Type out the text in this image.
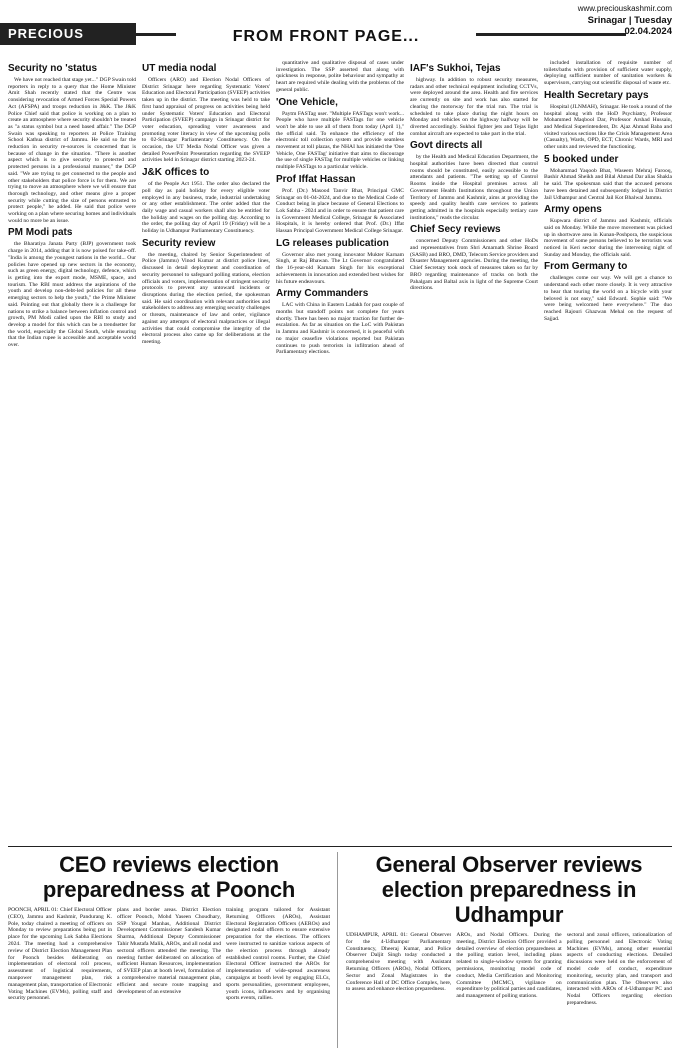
PRECIOUS KASHMIR
FROM FRONT PAGE...
www.preciouskashmir.com
Srinagar | Tuesday
02.04.2024
Security no 'status

We have not reached that stage yet..." DGP Swain told reporters in reply to a query that the Home Minister Amit Shah recently stated that the Centre was considering revocation of Armed Forces Special Powers Act (AFSPA) and troops reduction in J&K. The J&K Police Chief said that police is working on a plan to create an atmosphere where security shouldn't be treated as "a status symbol but a need based affair." The DGP Swain was speaking to reporters at Police Training School Kathua district of Jammu. He said so far the reduction in security re-sources is concerned that is because of change in the situation. "There is another aspect which is to give security to protected and protected persons in a professional manner," the DGP said. "We are trying to get connected to the people and other stakeholders that police force is for them. We are trying to move an atmosphere where we will ensure that thorough technology, and other means give a proper security while cutting the size of persons entrusted to protect people," he added. He said that police were working on a plan where securing homes and individuals would no more be an issue.

PM Modi pats

the Bharatiya Janata Party (BJP) government took charge in 2014, adding that it is now poised for take-off. "India is among the youngest nations in the world... Our policies have opened up new sectors in the economy, such as green energy, digital technology, defence, which is getting into the export mode, MSME, space, and tourism. The RBI must address the aspirations of the youth and develop non-debt-led policies for all these emerging sectors to help the youth," the Prime Minister said. Pointing out that globally there is a challenge for nations to strike a balance between inflation control and growth, PM Modi called upon the RBI to study and develop a model for this which can be a trendsetter for the world, especially the Global South, while ensuring that the Indian rupee is accessible and acceptable world over.

UT media nodal

Officers (ARO) and Election Nodal Officers of District Srinagar here regarding Systematic Voters' Education and Electoral Participation (SVEEP) activities taken up in the district. The meeting was held to take first hand appraisal of progress on activities being held under Systematic Voters' Education and Electoral Participation (SVEEP) campaign in Srinagar district for voter education, spreading voter awareness and promoting voter literacy in view of the upcoming polls to 02-Srinagar Parliamentary Constituency. On the occasion, the UT Media Nodal Officer was given a detailed PowerPoint Presentation regarding the SVEEP activities held in Srinagar district starting 2023-24.

J&K offices to

of the People Act 1951. The order also declared the poll day as paid holiday for every eligible voter employed in any business, trade, industrial undertaking or any other establishment. The order added that the daily wage and casual workers shall also be entitled for the holiday and wages on the polling day. According to the order, the polling day of April 19 (Friday) will be a holiday in Udhampur Parliamentary Constituency.

Security review

the meeting, chaired by Senior Superintendent of Police (Jammu) Vinod Kumar at district police lines, discussed in detail deployment and coordination of security personnel to safeguard polling stations, election officials and voters, implementation of stringent security protocols to prevent any untoward incidents or disruptions during the election period, the spokesman said. He said coordination with relevant authorities and stakeholders to address any emerging security challenges or threats, maintenance of law and order, vigilance against any attempts of electoral malpractices or illegal activities that could compromise the integrity of the electoral process also came up for deliberations at the meeting.

quantitative and qualitative disposal of cases under investigation. The SSP asserted that along with quickness in response, polite behaviour and sympathy at heart are required while dealing with the problems of the general public.

'One Vehicle,

Paytm FASTag user. "Multiple FASTags won't work... People who have multiple FASTags for one vehicle won't be able to use all of them from today (April 1)," the official said. To enhance the efficiency of the electronic toll collection system and provide seamless movement at toll plazas, the NHAI has initiated the 'One Vehicle, One FASTag' initiative that aims to discourage the use of single FASTag for multiple vehicles or linking multiple FASTags to a particular vehicle.

Prof Iffat Hassan

Prof. (Dr.) Masood Tanvir Bhat, Principal GMC Srinagar on 01-04-2024, and due to the Medical Code of Conduct being in place because of General Elections to Lok Sabha - 2024 and in order to ensure that patient care in Government Medical College, Srinagar & Associated Hospitals, it is hereby ordered that Prof. (Dr.) Iffat Hassan Principal Government Medical College Srinagar.

LG releases publication

Governor also met young innovator Mukter Karnam Singh, at Raj Bhawan. The Lt Governor congratulated the 16-year-old Karnam Singh for his exceptional achievements in innovation and extended best wishes for his future endeavours.

Army Commanders

LAC with China in Eastern Ladakh for past couple of months but standoff points not complete for years shortly. There has been no major traction for further de-escalation. As far as situation on the LoC with Pakistan in Jammu and Kashmir is concerned, it is peaceful with no major ceasefire violations reported but Pakistan continues to push terrorists in infiltration ahead of Parliamentary elections.

IAF's Sukhoi, Tejas

highway. In addition to robust security measures, radars and other technical equipment including CCTVs, were deployed around the area. Health and fire services are currently on site and work has also started for clearing the motorway for the trial run. The trial is scheduled to take place during the night hours on Monday and vehicles on the highway halfway will be diverted accordingly. Sukhoi fighter jets and Tejas light combat aircraft are expected to take part in the trial.

Govt directs all

by the Health and Medical Education Department, the hospital authorities have been directed that control rooms should be constituted, easily accessible to the attendants and patients. "The setting up of Control Rooms inside the Hospital premises across all Government Health Institutions throughout the Union Territory of Jammu and Kashmir, aims at providing the speedy and quality health care services to patients getting admitted in the hospitals especially tertiary care institutions," reads the circular.

Chief Secy reviews

concerned Deputy Commissioners and other HoDs and representatives from Shri Amarnath Shrine Board (SASB) and BRO, DMD, Telecom Service providers and Disaster Management agencies. During the meeting, the Chief Secretary took stock of measures taken so far by BRO regarding maintenance of tracks on both the Pahalgam and Baltal axis in light of the Supreme Court directions.

included installation of requisite number of toilets/baths with provision of sufficient water supply, deploying sufficient number of sanitation workers & supervisors, carrying out scientific disposal of waste etc.

Health Secretary pays

Hospital (JLNMAH), Srinagar. He took a round of the hospital along with the HoD Psychiatry, Professor Mohammed Maqbool Dar, Professor Arshad Hussain, and Medical Superintendent, Dr. Ajaz Ahmad Baba and visited various sections like the Crisis Management Area (Casualty), Wards, OPD, ECT, Chronic Wards, MRI and other units and reviewed the functioning.

5 booked under

Mohammad Yaqoob Bhat, Waseem Mehraj Farooq, Bashir Ahmad Sheikh and Bilal Ahmad Dar alias Shakla he said. The spokesman said that the accused persons have been detained and subsequently lodged in District Jail Udhampur and Central Jail Kot Bhalwal Jammu.

Army opens

Kupwara district of Jammu and Kashmir, officials said on Monday. While the move movement was picked up in shortwave area in Kunan-Poshpora, the suspicious movement of some persons believed to be terrorists was noticed in Keri sector during the intervening night of Sunday and Monday, the officials said.

From Germany to

challenges come our way. We will get a chance to understand each other more closely. It is very attractive to hear that touring the world on a bicycle with your beloved is not easy," said Edward. Sophie said: "We were being welcomed here everywhere." The duo reached Rajouri Ghazwan Mehal on the request of Sajjad.

CEO reviews election preparedness at Poonch
POONCH, APRIL 01: Chief Electoral Officer (CEO), Jammu and Kashmir, Pandurang K. Pole, today chaired a meeting of officers on Monday to review preparations being put in place for the upcoming Lok Sabha Elections 2024. The meeting had a comprehensive review of District Election Management Plan for Poonch besides deliberating on implementation of electoral roll process, assessment of logistical requirements, manpower management plan, risk management plan, transportation of Electronic Voting Machines (EVMs), polling staff and security personnel.
plans and border areas. District Election officer Poonch, Mohd Yaseen Choudhary, SSP Yougal Manhas, Additional District Development Commissioner Sandesh Kumar Sharma, Additional Deputy Commissioner Tahir Mustafa Malik, AROs, and all nodal and sectoral officers attended the meeting. The meeting further deliberated on allocation of sufficient Human Resources, implementation of SVEEP plan at booth level, formulation of a comprehensive material management plan, efficient and secure route mapping and development of an extensive
training program tailored for Assistant Returning Officers (AROs), Assistant Electoral Registration Officers (AEROs) and designated nodal officers to ensure extensive preparation for the elections. The officers were instructed to sanitize various aspects of the election process through already established control rooms. Further, the Chief Electoral Officer instructed the AROs for implementation of wide-spread awareness campaigns at booth level by engaging ELCs, sports personalities, government employees, youth icons, influencers and by organising sports events, rallies.
General Observer reviews election preparedness in Udhampur
UDHAMPUR, APRIL 01: General Observer for the 4-Udhampur Parliamentary Constituency, Dheeraj Kumar, and Police Observer Daljit Singh today conducted a comprehensive meeting with Assistant Returning Officers (AROs), Nodal Officers, Sector and Zonal Magistrates in the Conference Hall of DC Office Complex, here, to assess and enhance election preparedness.
AROs, and Nodal Officers. During the meeting, District Election Officer provided a detailed overview of election preparedness at the polling station level, including plans related to single-window system for granting permissions, monitoring model code of conduct, Media Certification and Monitoring Committee (MCMC), vigilance on expenditure by political parties and candidates, and management of polling stations.
sectoral and zonal officers, rationalization of polling personnel and Electronic Voting Machines (EVMs), among other essential aspects of conducting elections. Detailed discussions were held on the enforcement of model code of conduct, expenditure monitoring, security plan, and transport and communication plan. The Observers also interacted with AROs of 4-Udhampur PC and Nodal Officers regarding election preparedness.
